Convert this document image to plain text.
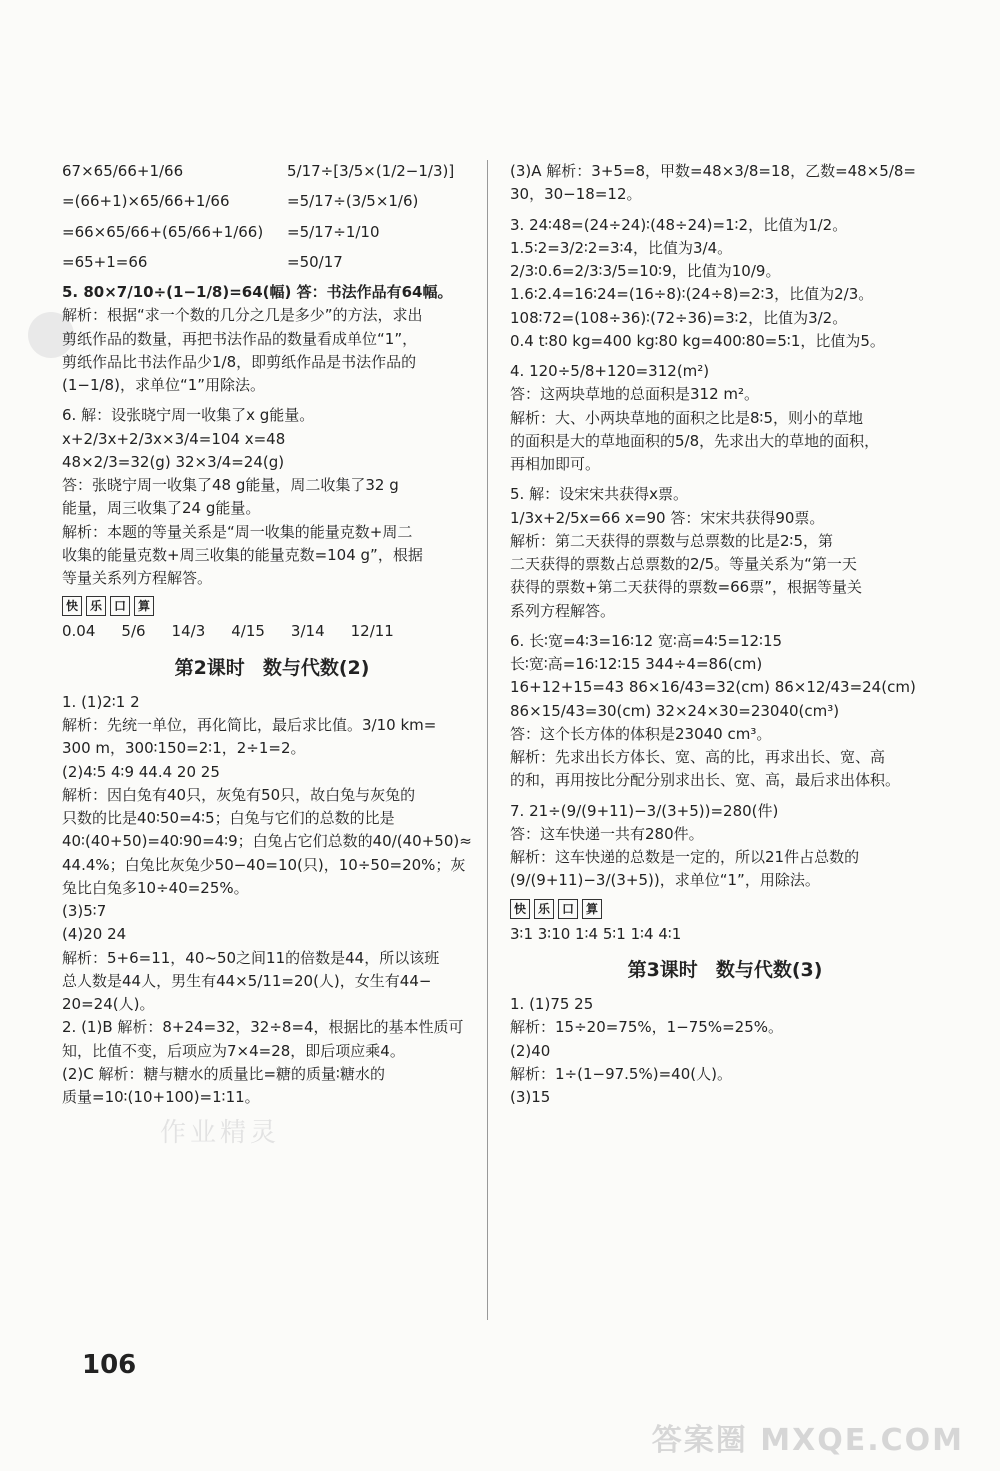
67×65/66+1/66	5/17÷[3/5×(1/2−1/3)]
=(66+1)×65/66+1/66	=5/17÷(3/5×1/6)
=66×65/66+(65/66+1/66)	=5/17÷1/10
=65+1=66	=50/17

5. 80×7/10÷(1−1/8)=64(幅) 答：书法作品有64幅。

解析：根据“求一个数的几分之几是多少”的方法，求出

剪纸作品的数量，再把书法作品的数量看成单位“1”，

剪纸作品比书法作品少1/8，即剪纸作品是书法作品的

(1−1/8)，求单位“1”用除法。

6. 解：设张晓宁周一收集了x g能量。

x+2/3x+2/3x×3/4=104 x=48

48×2/3=32(g) 32×3/4=24(g)

答：张晓宁周一收集了48 g能量，周二收集了32 g

能量，周三收集了24 g能量。

解析：本题的等量关系是“周一收集的能量克数+周二

收集的能量克数+周三收集的能量克数=104 g”，根据

等量关系列方程解答。

快 乐 口 算
0.04 5/6 14/3 4/15 3/14 12/11
第2课时 数与代数(2)

1. (1)2∶1 2

解析：先统一单位，再化简比，最后求比值。3/10 km=

300 m，300∶150=2∶1，2÷1=2。

(2)4∶5 4∶9 44.4 20 25

解析：因白兔有40只，灰兔有50只，故白兔与灰兔的

只数的比是40∶50=4∶5；白兔与它们的总数的比是

40∶(40+50)=40∶90=4∶9；白兔占它们总数的40/(40+50)≈

44.4%；白兔比灰兔少50−40=10(只)，10÷50=20%；灰

兔比白兔多10÷40=25%。

(3)5∶7

(4)20 24

解析：5+6=11，40~50之间11的倍数是44，所以该班

总人数是44人，男生有44×5/11=20(人)，女生有44−

20=24(人)。

2. (1)B 解析：8+24=32，32÷8=4，根据比的基本性质可

知，比值不变，后项应为7×4=28，即后项应乘4。

(2)C 解析：糖与糖水的质量比=糖的质量∶糖水的

质量=10∶(10+100)=1∶11。

(3)A 解析：3+5=8，甲数=48×3/8=18，乙数=48×5/8=

30，30−18=12。

3. 24∶48=(24÷24)∶(48÷24)=1∶2，比值为1/2。

1.5∶2=3/2∶2=3∶4，比值为3/4。

2/3∶0.6=2/3∶3/5=10∶9，比值为10/9。

1.6∶2.4=16∶24=(16÷8)∶(24÷8)=2∶3，比值为2/3。

108∶72=(108÷36)∶(72÷36)=3∶2，比值为3/2。

0.4 t∶80 kg=400 kg∶80 kg=400∶80=5∶1，比值为5。

4. 120÷5/8+120=312(m²)

答：这两块草地的总面积是312 m²。

解析：大、小两块草地的面积之比是8∶5，则小的草地

的面积是大的草地面积的5/8，先求出大的草地的面积，

再相加即可。

5. 解：设宋宋共获得x票。

1/3x+2/5x=66 x=90 答：宋宋共获得90票。

解析：第二天获得的票数与总票数的比是2∶5，第

二天获得的票数占总票数的2/5。等量关系为“第一天

获得的票数+第二天获得的票数=66票”，根据等量关

系列方程解答。

6. 长∶宽=4∶3=16∶12 宽∶高=4∶5=12∶15

长∶宽∶高=16∶12∶15 344÷4=86(cm)

16+12+15=43 86×16/43=32(cm) 86×12/43=24(cm)

86×15/43=30(cm) 32×24×30=23040(cm³)

答：这个长方体的体积是23040 cm³。

解析：先求出长方体长、宽、高的比，再求出长、宽、高

的和，再用按比分配分别求出长、宽、高，最后求出体积。

7. 21÷(9/(9+11)−3/(3+5))=280(件)

答：这车快递一共有280件。

解析：这车快递的总数是一定的，所以21件占总数的

(9/(9+11)−3/(3+5))，求单位“1”，用除法。

快 乐 口 算

3∶1 3∶10 1∶4 5∶1 1∶4 4∶1

第3课时 数与代数(3)

1. (1)75 25

解析：15÷20=75%，1−75%=25%。

(2)40

解析：1÷(1−97.5%)=40(人)。

(3)15

106
作业精灵
答案圈 MXQE.COM
